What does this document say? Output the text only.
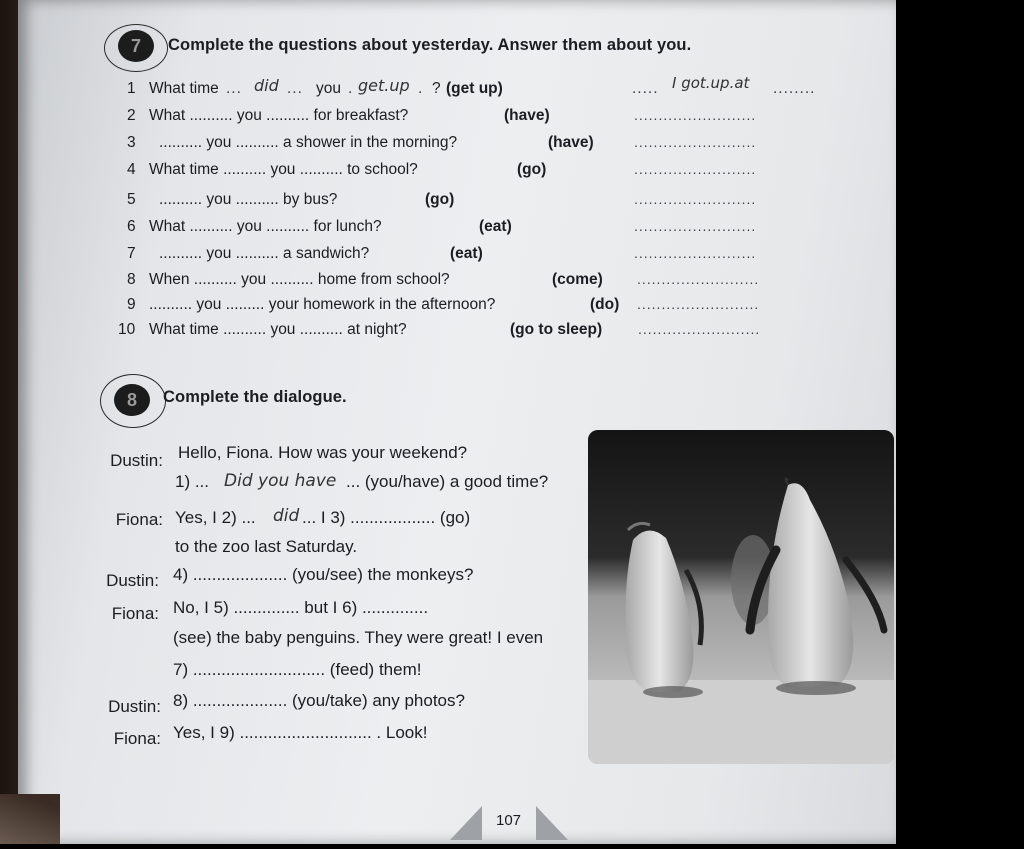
7	Complete the questions about yesterday. Answer them about you.
1 What time ... did ... you . get.up . ? (get up)	..... I got.up.at ........
2 What .......... you .......... for breakfast?	(have)	.........................
3 .......... you .......... a shower in the morning?	(have)	.........................
4 What time .......... you .......... to school?	(go)	.........................
5 .......... you .......... by bus?	(go)	.........................
6 What .......... you .......... for lunch?	(eat)	.........................
7 .......... you .......... a sandwich?	(eat)	.........................
8 When .......... you .......... home from school?	(come) .........................
9 .......... you ......... your homework in the afternoon?	(do) .........................
10 What time .......... you .......... at night?	(go to sleep)	.........................
8	Complete the dialogue.
Dustin: Hello, Fiona. How was your weekend?
1) ... Did you have ... (you/have) a good time?
Fiona: Yes, I 2) ... did ... I 3) .................. (go)
to the zoo last Saturday.
Dustin: 4) .................... (you/see) the monkeys?
Fiona: No, I 5) .............. but I 6) ..............
(see) the baby penguins. They were great! I even
7) ............................ (feed) them!
Dustin: 8) .................... (you/take) any photos?
Fiona: Yes, I 9) ............................ . Look!
107
